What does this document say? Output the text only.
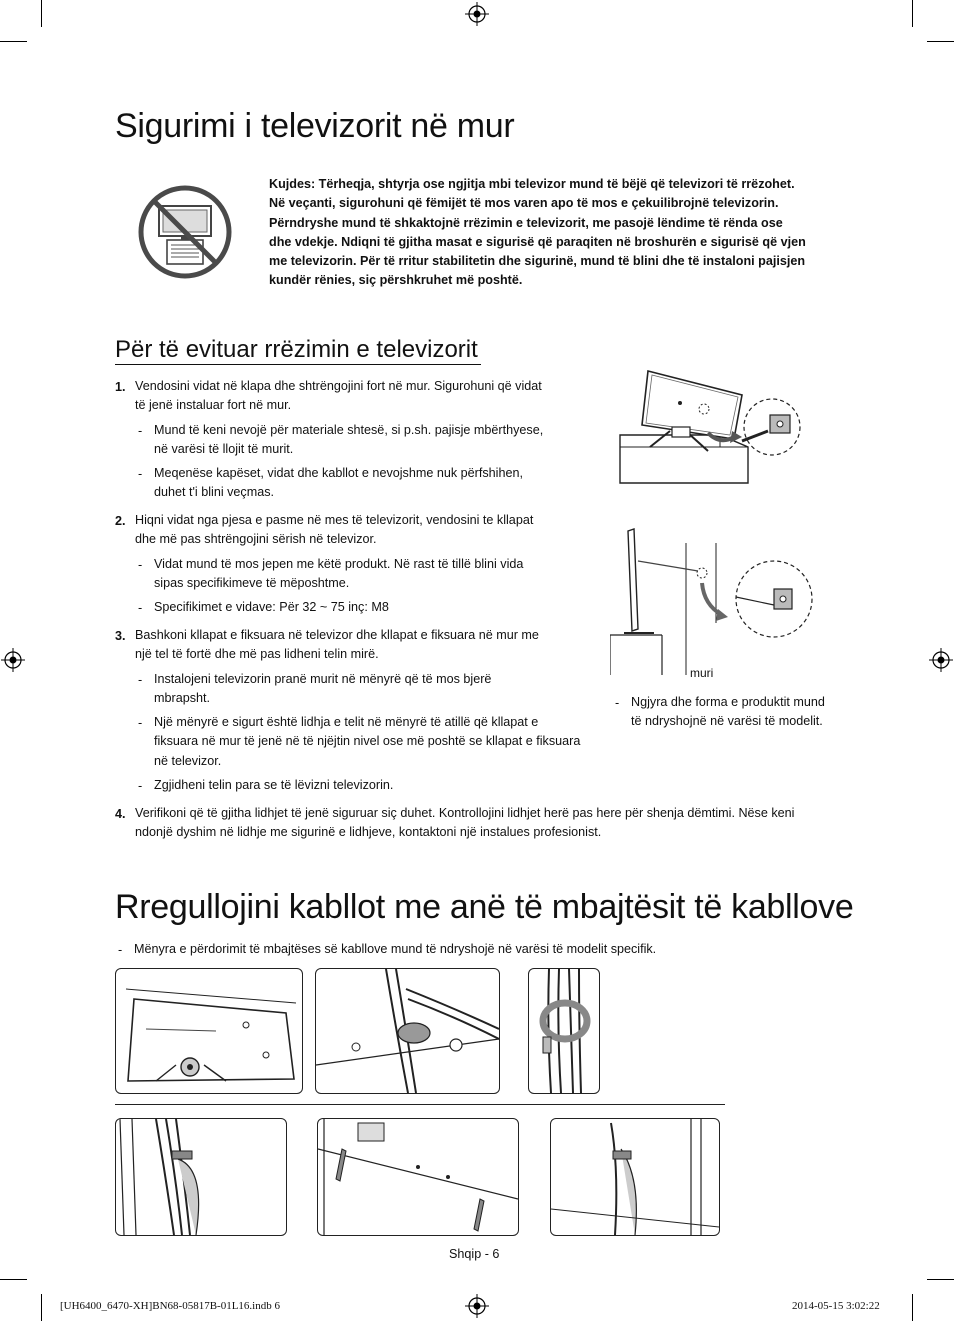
Sigurimi i televizorit në mur
Kujdes: Tërheqja, shtyrja ose ngjitja mbi televizor mund të bëjë që televizori të rrëzohet.
Në veçanti, sigurohuni që fëmijët të mos varen apo të mos e çekuilibrojnë televizorin.
Përndryshe mund të shkaktojnë rrëzimin e televizorit, me pasojë lëndime të rënda ose
dhe vdekje. Ndiqni të gjitha masat e sigurisë që paraqiten në broshurën e sigurisë që vjen
me televizorin. Për të rritur stabilitetin dhe sigurinë, mund të blini dhe të instaloni pajisjen
kundër rënies, siç përshkruhet më poshtë.
Për të evituar rrëzimin e televizorit
1. Vendosini vidat në klapa dhe shtrëngojini fort në mur. Sigurohuni që vidat
të jenë instaluar fort në mur.
- Mund të keni nevojë për materiale shtesë, si p.sh. pajisje mbërthyese,
në varësi të llojit të murit.
- Meqenëse kapëset, vidat dhe kabllot e nevojshme nuk përfshihen,
duhet t'i blini veçmas.
2. Hiqni vidat nga pjesa e pasme në mes të televizorit, vendosini te kllapat
dhe më pas shtrëngojini sërish në televizor.
- Vidat mund të mos jepen me këtë produkt. Në rast të tillë blini vida
sipas specifikimeve të mëposhtme.
- Specifikimet e vidave: Për 32 ~ 75 inç: M8
3. Bashkoni kllapat e fiksuara në televizor dhe kllapat e fiksuara në mur me
një tel të fortë dhe më pas lidheni telin mirë.
- Instalojeni televizorin pranë murit në mënyrë që të mos bjerë
mbrapsht.
- Një mënyrë e sigurt është lidhja e telit në mënyrë të atillë që kllapat e
fiksuara në mur të jenë në të njëjtin nivel ose më poshtë se kllapat e fiksuara
në televizor.
- Zgjidheni telin para se të lëvizni televizorin.
4. Verifikoni që të gjitha lidhjet të jenë siguruar siç duhet. Kontrollojini lidhjet herë pas here për shenja dëmtimi. Nëse keni
ndonjë dyshim në lidhje me sigurinë e lidhjeve, kontaktoni një instalues profesionist.
muri
- Ngjyra dhe forma e produktit mund
të ndryshojnë në varësi të modelit.
Rregullojini kabllot me anë të mbajtësit të kabllove
- Mënyra e përdorimit të mbajtëses së kabllove mund të ndryshojë në varësi të modelit specifik.
Shqip - 6
[UH6400_6470-XH]BN68-05817B-01L16.indb 6	2014-05-15 3:02:22
